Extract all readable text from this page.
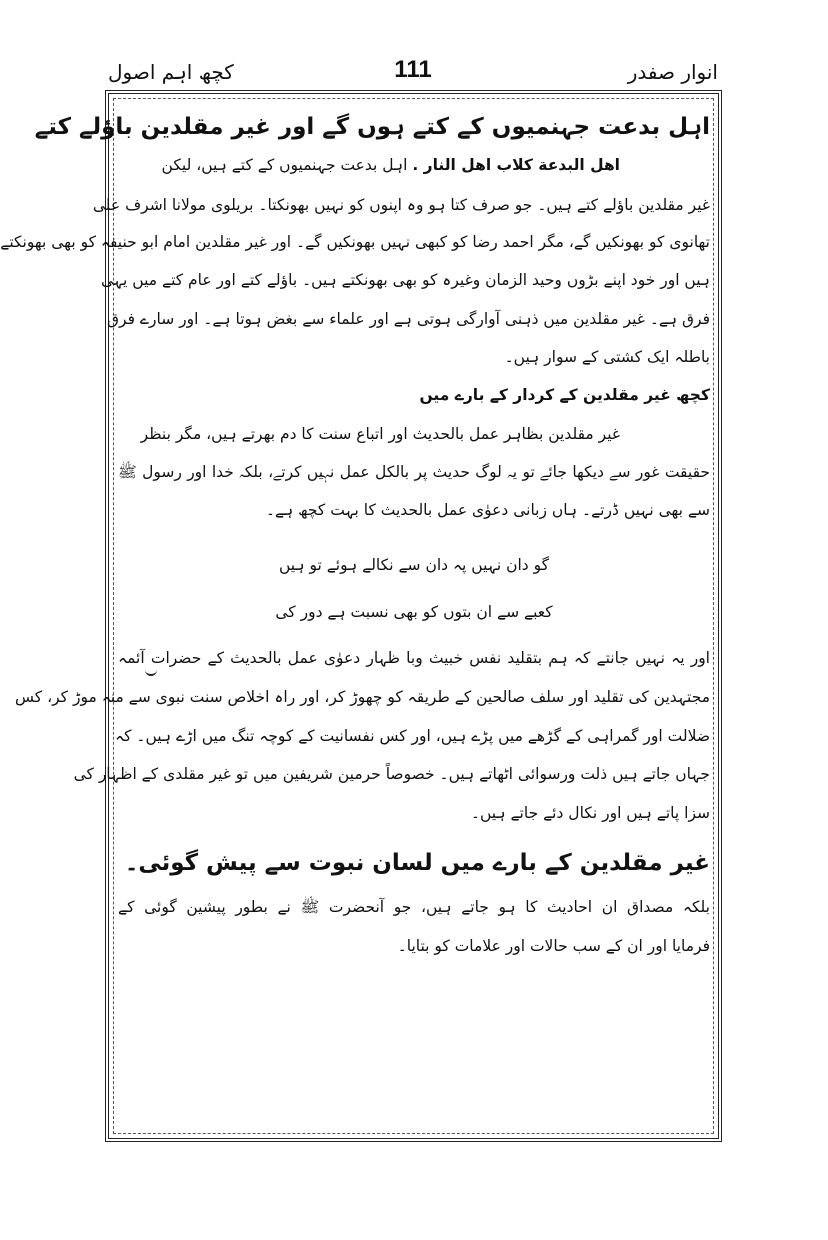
انوار صفدر
111
کچھ اہم اصول
اہل بدعت جہنمیوں کے کتے ہوں گے اور غیر مقلدین باؤلے کتے
اهل البدعة كلاب اهل النار . اہل بدعت جہنمیوں کے کتے ہیں، لیکن
غیر مقلدین باؤلے کتے ہیں۔ جو صرف کتا ہو وہ اپنوں کو نہیں بھونکتا۔ بریلوی مولانا اشرف علی
تھانوی کو بھونکیں گے، مگر احمد رضا کو کبھی نہیں بھونکیں گے۔ اور غیر مقلدین امام ابو حنیفہ کو بھی بھونکتے
ہیں اور خود اپنے بڑوں وحید الزمان وغیرہ کو بھی بھونکتے ہیں۔ باؤلے کتے اور عام کتے میں یہی
فرق ہے۔ غیر مقلدین میں ذہنی آوارگی ہوتی ہے اور علماء سے بغض ہوتا ہے۔ اور سارے فرق
باطلہ ایک کشتی کے سوار ہیں۔
کچھ غیر مقلدین کے کردار کے بارے میں
غیر مقلدین بظاہر عمل بالحدیث اور اتباع سنت کا دم بھرتے ہیں، مگر بنظر
حقیقت غور سے دیکھا جائے تو یہ لوگ حدیث پر بالکل عمل نہیں کرتے، بلکہ خدا اور رسول ﷺ
سے بھی نہیں ڈرتے۔ ہاں زبانی دعوٰی عمل بالحدیث کا بہت کچھ ہے۔
گو دان نہیں پہ دان سے نکالے ہوئے تو ہیں
کعبے سے ان بتوں کو بھی نسبت ہے دور کی
اور یہ نہیں جانتے کہ ہم بتقلید نفس خبیث وبا ظہار دعوٰی عمل بالحدیث کے حضرات آئمہ
مجتہدین کی تقلید اور سلف صالحین کے طریقہ کو چھوڑ کر، اور راہ اخلاص سنت نبوی سے منہ موڑ کر، کس
ضلالت اور گمراہی کے گڑھے میں پڑے ہیں، اور کس نفسانیت کے کوچہ تنگ میں اڑے ہیں۔ کہ
جہاں جاتے ہیں ذلت ورسوائی اٹھاتے ہیں۔ خصوصاً حرمین شریفین میں تو غیر مقلدی کے اظہار کی
سزا پاتے ہیں اور نکال دئے جاتے ہیں۔
غیر مقلدین کے بارے میں لسان نبوت سے پیش گوئی۔
بلکہ مصداق ان احادیث کا ہو جاتے ہیں، جو آنحضرت ﷺ نے بطور پیشین گوئی کے
فرمایا اور ان کے سب حالات اور علامات کو بتایا۔
